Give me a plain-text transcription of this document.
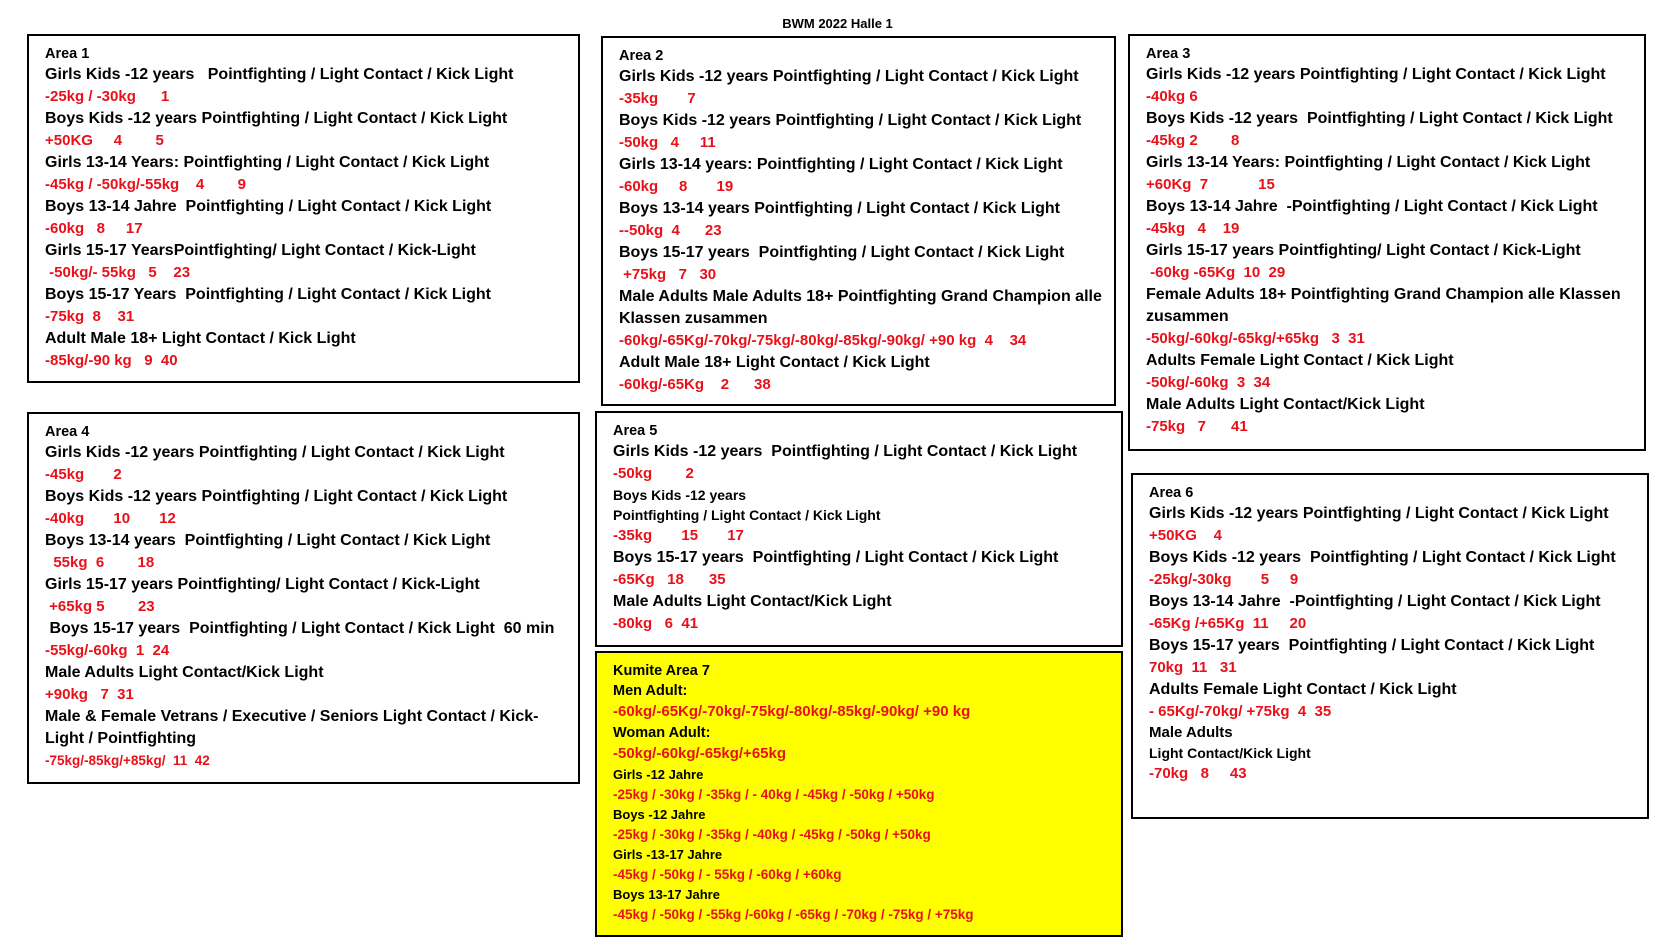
BWM 2022 Halle 1
Area 1
Girls Kids -12 years   Pointfighting / Light Contact / Kick Light
-25kg / -30kg      1
Boys Kids -12 years Pointfighting / Light Contact / Kick Light
+50KG     4        5
Girls 13-14 Years: Pointfighting / Light Contact / Kick Light
-45kg / -50kg/-55kg    4        9
Boys 13-14 Jahre  Pointfighting / Light Contact / Kick Light
-60kg   8     17
Girls 15-17 YearsPointfighting/ Light Contact / Kick-Light
-50kg/- 55kg   5    23
Boys 15-17 Years  Pointfighting / Light Contact / Kick Light
-75kg  8    31
Adult Male 18+ Light Contact / Kick Light
-85kg/-90 kg   9  40
Area 2
Girls Kids -12 years Pointfighting / Light Contact / Kick Light
-35kg       7
Boys Kids -12 years Pointfighting / Light Contact / Kick Light
-50kg   4     11
Girls 13-14 years: Pointfighting / Light Contact / Kick Light
-60kg     8       19
Boys 13-14 years Pointfighting / Light Contact / Kick Light
--50kg  4      23
Boys 15-17 years  Pointfighting / Light Contact / Kick Light
+75kg   7   30
Male Adults Male Adults 18+ Pointfighting Grand Champion alle Klassen zusammen
-60kg/-65Kg/-70kg/-75kg/-80kg/-85kg/-90kg/ +90 kg  4    34
Adult Male 18+ Light Contact / Kick Light
-60kg/-65Kg    2      38
Area 3
Girls Kids -12 years Pointfighting / Light Contact / Kick Light
-40kg 6
Boys Kids -12 years  Pointfighting / Light Contact / Kick Light
-45kg 2        8
Girls 13-14 Years: Pointfighting / Light Contact / Kick Light
+60Kg  7            15
Boys 13-14 Jahre  -Pointfighting / Light Contact / Kick Light
-45kg   4    19
Girls 15-17 years Pointfighting/ Light Contact / Kick-Light
-60kg -65Kg  10  29
Female Adults 18+ Pointfighting Grand Champion alle Klassen zusammen
-50kg/-60kg/-65kg/+65kg   3  31
Adults Female Light Contact / Kick Light
-50kg/-60kg  3  34
Male Adults Light Contact/Kick Light
-75kg   7      41
Area 4
Girls Kids -12 years Pointfighting / Light Contact / Kick Light
-45kg       2
Boys Kids -12 years Pointfighting / Light Contact / Kick Light
-40kg       10       12
Boys 13-14 years  Pointfighting / Light Contact / Kick Light
55kg  6        18
Girls 15-17 years Pointfighting/ Light Contact / Kick-Light
+65kg 5        23
Boys 15-17 years  Pointfighting / Light Contact / Kick Light  60 min
-55kg/-60kg  1  24
Male Adults Light Contact/Kick Light
+90kg   7  31
Male & Female Vetrans / Executive / Seniors Light Contact / Kick-Light / Pointfighting
-75kg/-85kg/+85kg/  11  42
Area 5
Girls Kids -12 years  Pointfighting / Light Contact / Kick Light
-50kg        2
Boys Kids -12 years
Pointfighting / Light Contact / Kick Light
-35kg       15       17
Boys 15-17 years  Pointfighting / Light Contact / Kick Light
-65Kg   18      35
Male Adults Light Contact/Kick Light
-80kg   6  41
Kumite Area 7
Men Adult:
-60kg/-65Kg/-70kg/-75kg/-80kg/-85kg/-90kg/ +90 kg
Woman Adult:
-50kg/-60kg/-65kg/+65kg
Girls -12 Jahre
-25kg / -30kg / -35kg / - 40kg / -45kg / -50kg / +50kg
Boys -12 Jahre
-25kg / -30kg / -35kg / -40kg / -45kg / -50kg / +50kg
Girls -13-17 Jahre
-45kg / -50kg / - 55kg / -60kg / +60kg
Boys 13-17 Jahre
-45kg / -50kg / -55kg /-60kg / -65kg / -70kg / -75kg / +75kg
Area 6
Girls Kids -12 years Pointfighting / Light Contact / Kick Light
+50KG    4
Boys Kids -12 years  Pointfighting / Light Contact / Kick Light
-25kg/-30kg       5     9
Boys 13-14 Jahre  -Pointfighting / Light Contact / Kick Light
-65Kg /+65Kg  11     20
Boys 15-17 years  Pointfighting / Light Contact / Kick Light
70kg  11   31
Adults Female Light Contact / Kick Light
- 65Kg/-70kg/ +75kg  4  35
Male Adults
Light Contact/Kick Light
-70kg   8     43
